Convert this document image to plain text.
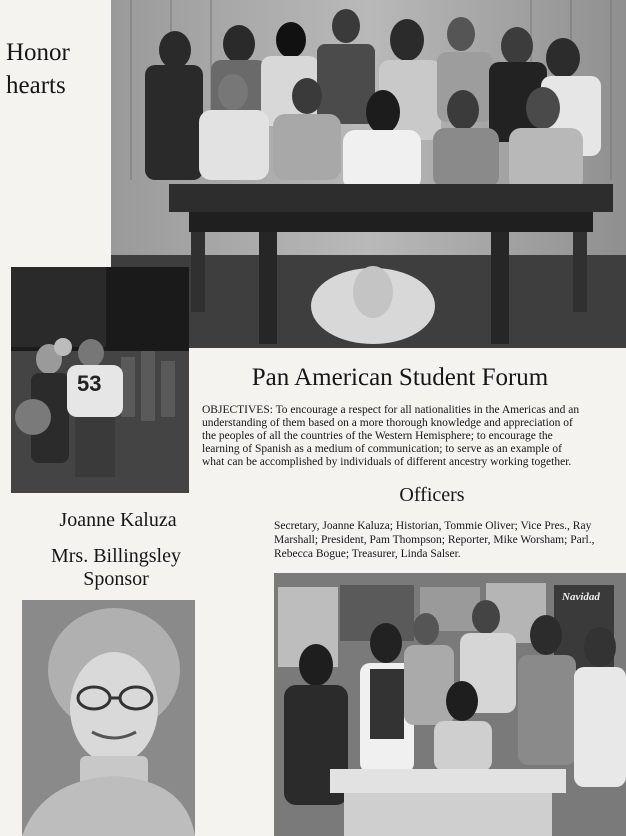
Honor
hearts
53	Pan American Student Forum
OBJECTIVES: To encourage a respect for all nationalities in the Americas and an understanding of them based on a more thorough knowledge and appreciation of the peoples of all the countries of the Western Hemisphere; to encourage the learning of Spanish as a medium of communication; to serve as an example of what can be accomplished by individuals of different ancestry working together.
Officers
Secretary, Joanne Kaluza; Historian, Tommie Oliver; Vice Pres., Ray Marshall; President, Pam Thompson; Reporter, Mike Worsham; Parl., Rebecca Bogue; Treasurer, Linda Salser.
Joanne Kaluza
Mrs. Billingsley
Sponsor
Navidad
